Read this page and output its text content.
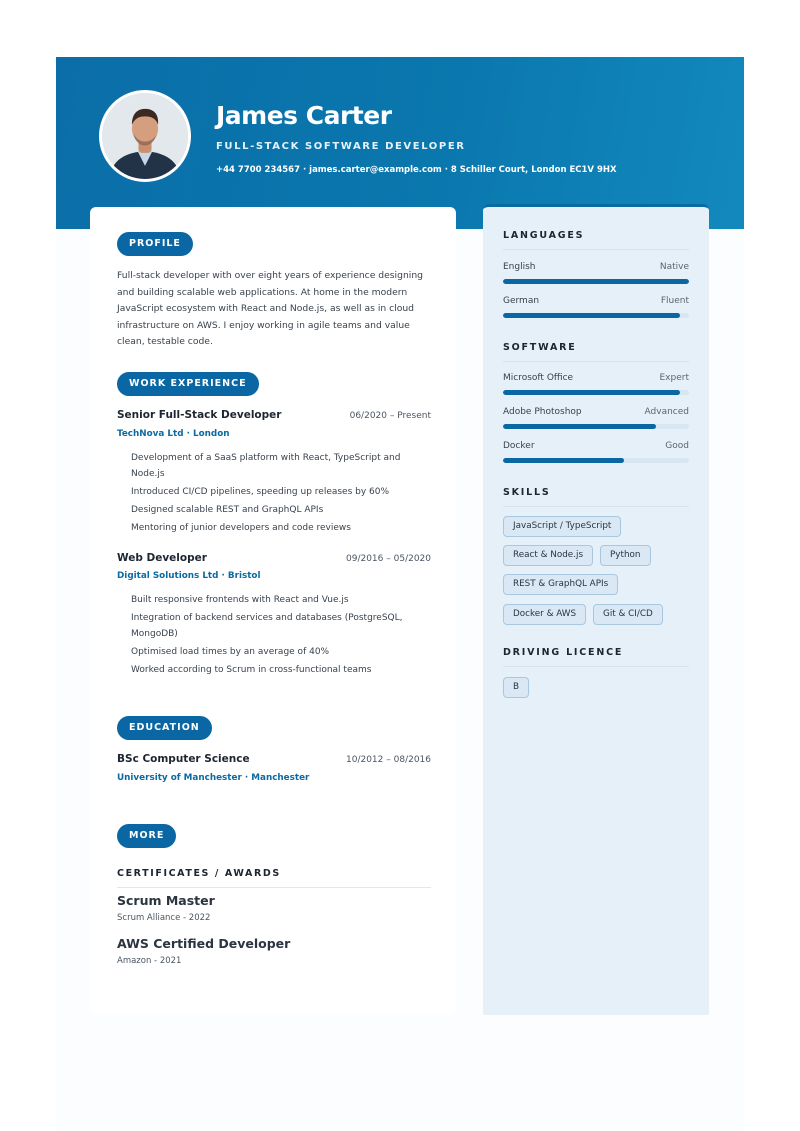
James Carter
FULL-STACK SOFTWARE DEVELOPER
+44 7700 234567 · james.carter@example.com · 8 Schiller Court, London EC1V 9HX
PROFILE
Full-stack developer with over eight years of experience designing
and building scalable web applications. At home in the modern
JavaScript ecosystem with React and Node.js, as well as in cloud
infrastructure on AWS. I enjoy working in agile teams and value
clean, testable code.
WORK EXPERIENCE
Senior Full-Stack Developer	06/2020 – Present
TechNova Ltd · London
Development of a SaaS platform with React, TypeScript and Node.js
Introduced CI/CD pipelines, speeding up releases by 60%
Designed scalable REST and GraphQL APIs
Mentoring of junior developers and code reviews
Web Developer	09/2016 – 05/2020
Digital Solutions Ltd · Bristol
Built responsive frontends with React and Vue.js
Integration of backend services and databases (PostgreSQL, MongoDB)
Optimised load times by an average of 40%
Worked according to Scrum in cross-functional teams
EDUCATION
BSc Computer Science	10/2012 – 08/2016
University of Manchester · Manchester
MORE
CERTIFICATES / AWARDS
Scrum Master
Scrum Alliance - 2022
AWS Certified Developer
Amazon - 2021
LANGUAGES
English	Native
German	Fluent
SOFTWARE
Microsoft Office	Expert
Adobe Photoshop	Advanced
Docker	Good
SKILLS
JavaScript / TypeScript
React & Node.js	Python
REST & GraphQL APIs
Docker & AWS	Git & CI/CD
DRIVING LICENCE
B
